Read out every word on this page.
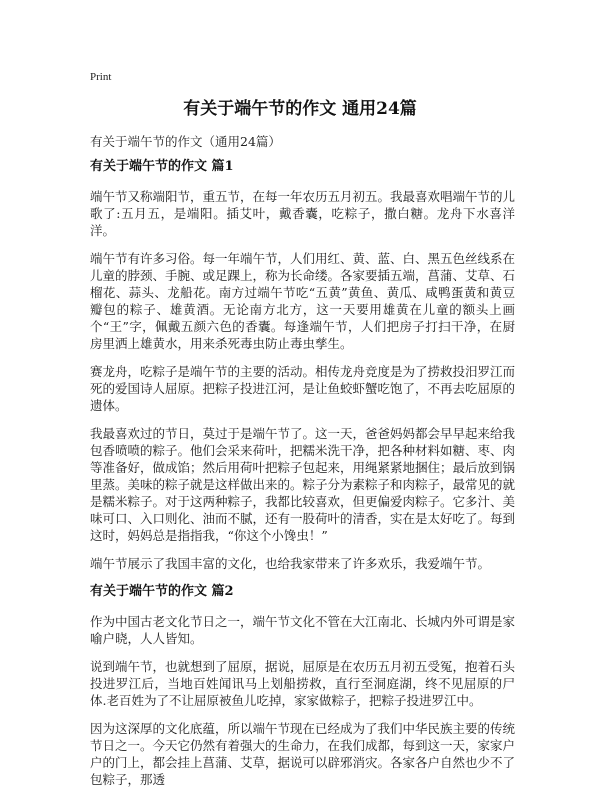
Print
有关于端午节的作文 通用24篇
有关于端午节的作文（通用24篇）
有关于端午节的作文 篇1

端午节又称端阳节，重五节，在每一年农历五月初五。我最喜欢唱端午节的儿歌了:五月五，是端阳。插艾叶，戴香囊，吃粽子，撒白糖。龙舟下水喜洋洋。

端午节有许多习俗。每一年端午节，人们用红、黄、蓝、白、黑五色丝线系在儿童的脖颈、手腕、或足踝上，称为长命缕。各家要插五端，菖蒲、艾草、石榴花、蒜头、龙船花。南方过端午节吃“五黄”黄鱼、黄瓜、咸鸭蛋黄和黄豆瓣包的粽子、雄黄酒。无论南方北方，这一天要用雄黄在儿童的额头上画个“王”字，佩戴五颜六色的香囊。每逢端午节，人们把房子打扫干净，在厨房里洒上雄黄水，用来杀死毒虫防止毒虫孳生。

赛龙舟，吃粽子是端午节的主要的活动。相传龙舟竞度是为了捞救投汨罗江而死的爱国诗人屈原。把粽子投进江河，是让鱼蛟虾蟹吃饱了，不再去吃屈原的遗体。

我最喜欢过的节日，莫过于是端午节了。这一天，爸爸妈妈都会早早起来给我包香喷喷的粽子。他们会采来荷叶，把糯米洗干净，把各种材料如糖、枣、肉等准备好，做成馅；然后用荷叶把粽子包起来，用绳紧紧地捆住；最后放到锅里蒸。美味的粽子就是这样做出来的。粽子分为素粽子和肉粽子，最常见的就是糯米粽子。对于这两种粽子，我都比较喜欢，但更偏爱肉粽子。它多汁、美味可口、入口则化、油而不腻，还有一股荷叶的清香，实在是太好吃了。每到这时，妈妈总是指指我，“你这个小馋虫！”

端午节展示了我国丰富的文化，也给我家带来了许多欢乐，我爱端午节。

有关于端午节的作文 篇2

作为中国古老文化节日之一，端午节文化不管在大江南北、长城内外可谓是家喻户晓，人人皆知。

说到端午节，也就想到了屈原，据说，屈原是在农历五月初五受冤，抱着石头投进罗江后，当地百姓闻讯马上划船捞救，直行至洞庭湖，终不见屈原的尸体.老百姓为了不让屈原被鱼儿吃掉，家家做粽子，把粽子投进罗江中。

因为这深厚的文化底蕴，所以端午节现在已经成为了我们中华民族主要的传统节日之一。今天它仍然有着强大的生命力，在我们成都，每到这一天，家家户户的门上，都会挂上菖蒲、艾草，据说可以辟邪消灾。各家各户自然也少不了包粽子，那透
